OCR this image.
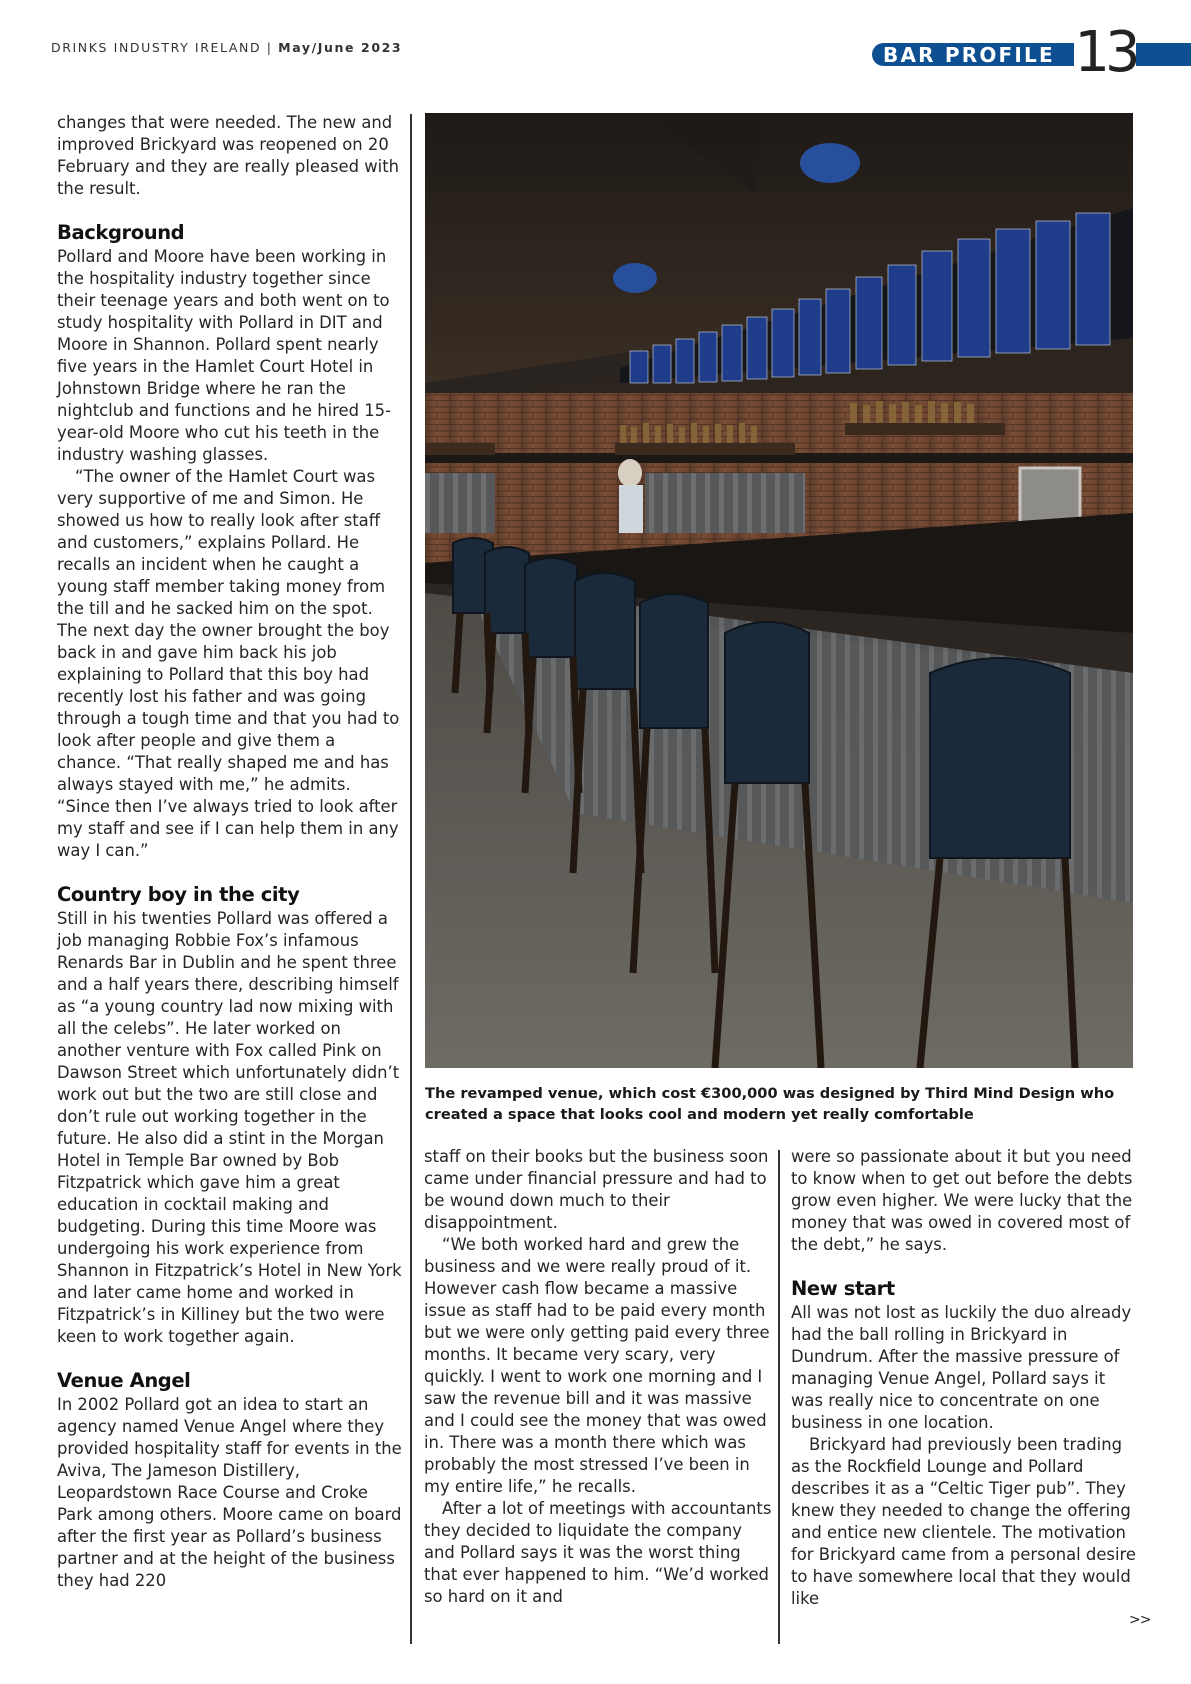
DRINKS INDUSTRY IRELAND | May/June 2023	BAR PROFILE 13

changes that were needed. The new and improved Brickyard was reopened on 20 February and they are really pleased with the result.

Background

Pollard and Moore have been working in the hospitality industry together since their teenage years and both went on to study hospitality with Pollard in DIT and Moore in Shannon. Pollard spent nearly five years in the Hamlet Court Hotel in Johnstown Bridge where he ran the nightclub and functions and he hired 15-year-old Moore who cut his teeth in the industry washing glasses.

“The owner of the Hamlet Court was very supportive of me and Simon. He showed us how to really look after staff and customers,” explains Pollard. He recalls an incident when he caught a young staff member taking money from the till and he sacked him on the spot. The next day the owner brought the boy back in and gave him back his job explaining to Pollard that this boy had recently lost his father and was going through a tough time and that you had to look after people and give them a chance. “That really shaped me and has always stayed with me,” he admits. “Since then I’ve always tried to look after my staff and see if I can help them in any way I can.”

Country boy in the city

Still in his twenties Pollard was offered a job managing Robbie Fox’s infamous Renards Bar in Dublin and he spent three and a half years there, describing himself as “a young country lad now mixing with all the celebs”. He later worked on another venture with Fox called Pink on Dawson Street which unfortunately didn’t work out but the two are still close and don’t rule out working together in the future. He also did a stint in the Morgan Hotel in Temple Bar owned by Bob Fitzpatrick which gave him a great education in cocktail making and budgeting. During this time Moore was undergoing his work experience from Shannon in Fitzpatrick’s Hotel in New York and later came home and worked in Fitzpatrick’s in Killiney but the two were keen to work together again.

Venue Angel

In 2002 Pollard got an idea to start an agency named Venue Angel where they provided hospitality staff for events in the Aviva, The Jameson Distillery, Leopardstown Race Course and Croke Park among others. Moore came on board after the first year as Pollard’s business partner and at the height of the business they had 220

The revamped venue, which cost €300,000 was designed by Third Mind Design who created a space that looks cool and modern yet really comfortable

staff on their books but the business soon came under financial pressure and had to be wound down much to their disappointment.

“We both worked hard and grew the business and we were really proud of it. However cash flow became a massive issue as staff had to be paid every month but we were only getting paid every three months. It became very scary, very quickly. I went to work one morning and I saw the revenue bill and it was massive and I could see the money that was owed in. There was a month there which was probably the most stressed I’ve been in my entire life,” he recalls.

After a lot of meetings with accountants they decided to liquidate the company and Pollard says it was the worst thing that ever happened to him. “We’d worked so hard on it and

were so passionate about it but you need to know when to get out before the debts grow even higher. We were lucky that the money that was owed in covered most of the debt,” he says.

New start

All was not lost as luckily the duo already had the ball rolling in Brickyard in Dundrum. After the massive pressure of managing Venue Angel, Pollard says it was really nice to concentrate on one business in one location.

Brickyard had previously been trading as the Rockfield Lounge and Pollard describes it as a “Celtic Tiger pub”. They knew they needed to change the offering and entice new clientele. The motivation for Brickyard came from a personal desire to have somewhere local that they would like

>>
